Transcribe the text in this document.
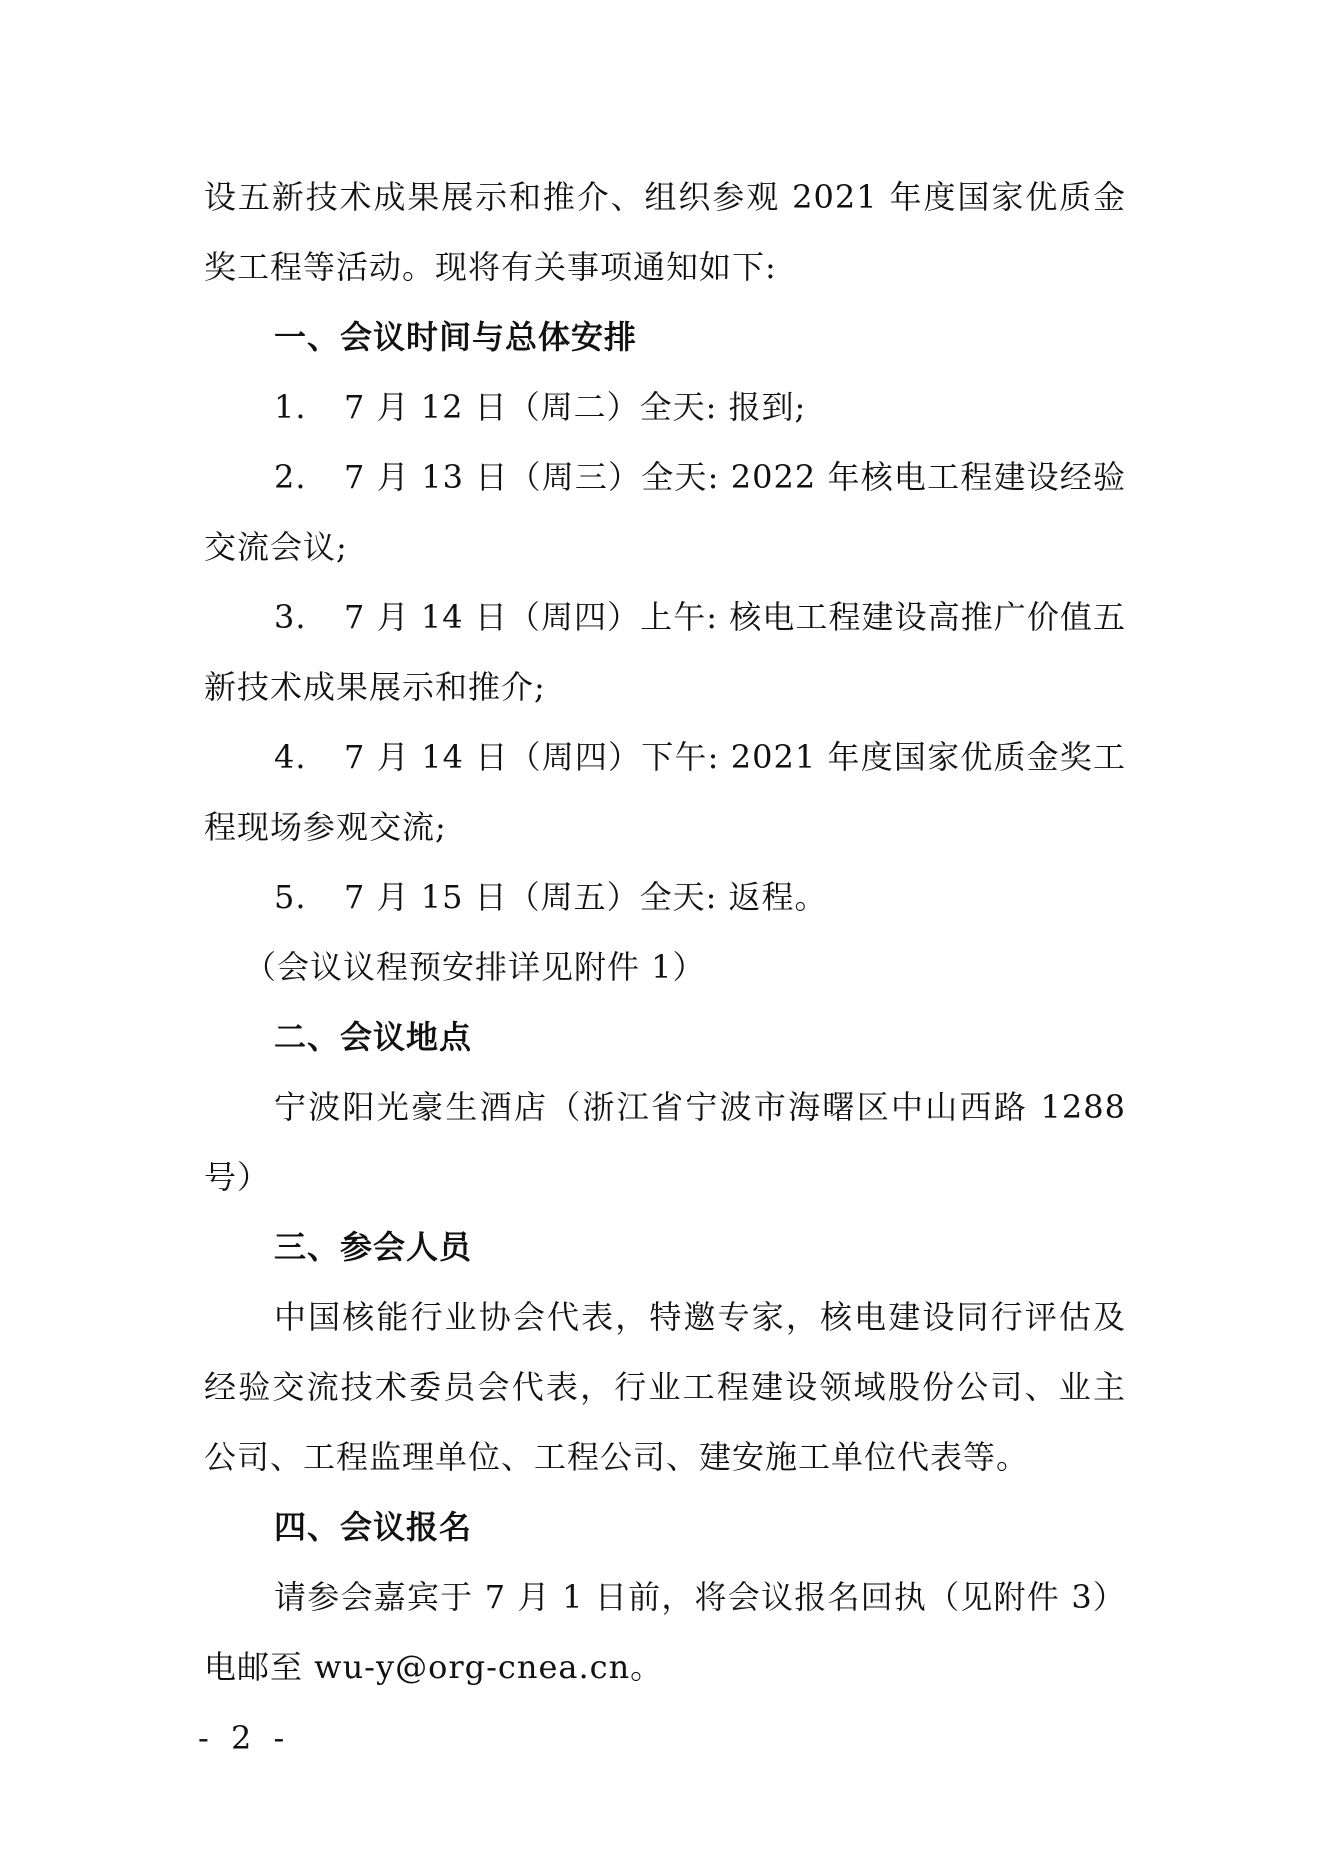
设五新技术成果展示和推介、组织参观 2021 年度国家优质金奖工程等活动。现将有关事项通知如下:

一、会议时间与总体安排

1. 7 月 12 日（周二）全天: 报到;

2. 7 月 13 日（周三）全天: 2022 年核电工程建设经验交流会议;

3. 7 月 14 日（周四）上午: 核电工程建设高推广价值五新技术成果展示和推介;

4. 7 月 14 日（周四）下午: 2021 年度国家优质金奖工程现场参观交流;

5. 7 月 15 日（周五）全天: 返程。

（会议议程预安排详见附件 1）

二、会议地点

宁波阳光豪生酒店（浙江省宁波市海曙区中山西路 1288 号）

三、参会人员

中国核能行业协会代表，特邀专家，核电建设同行评估及经验交流技术委员会代表，行业工程建设领域股份公司、业主公司、工程监理单位、工程公司、建安施工单位代表等。

四、会议报名

请参会嘉宾于 7 月 1 日前，将会议报名回执（见附件 3）电邮至 wu-y@org-cnea.cn。

- 2 -
